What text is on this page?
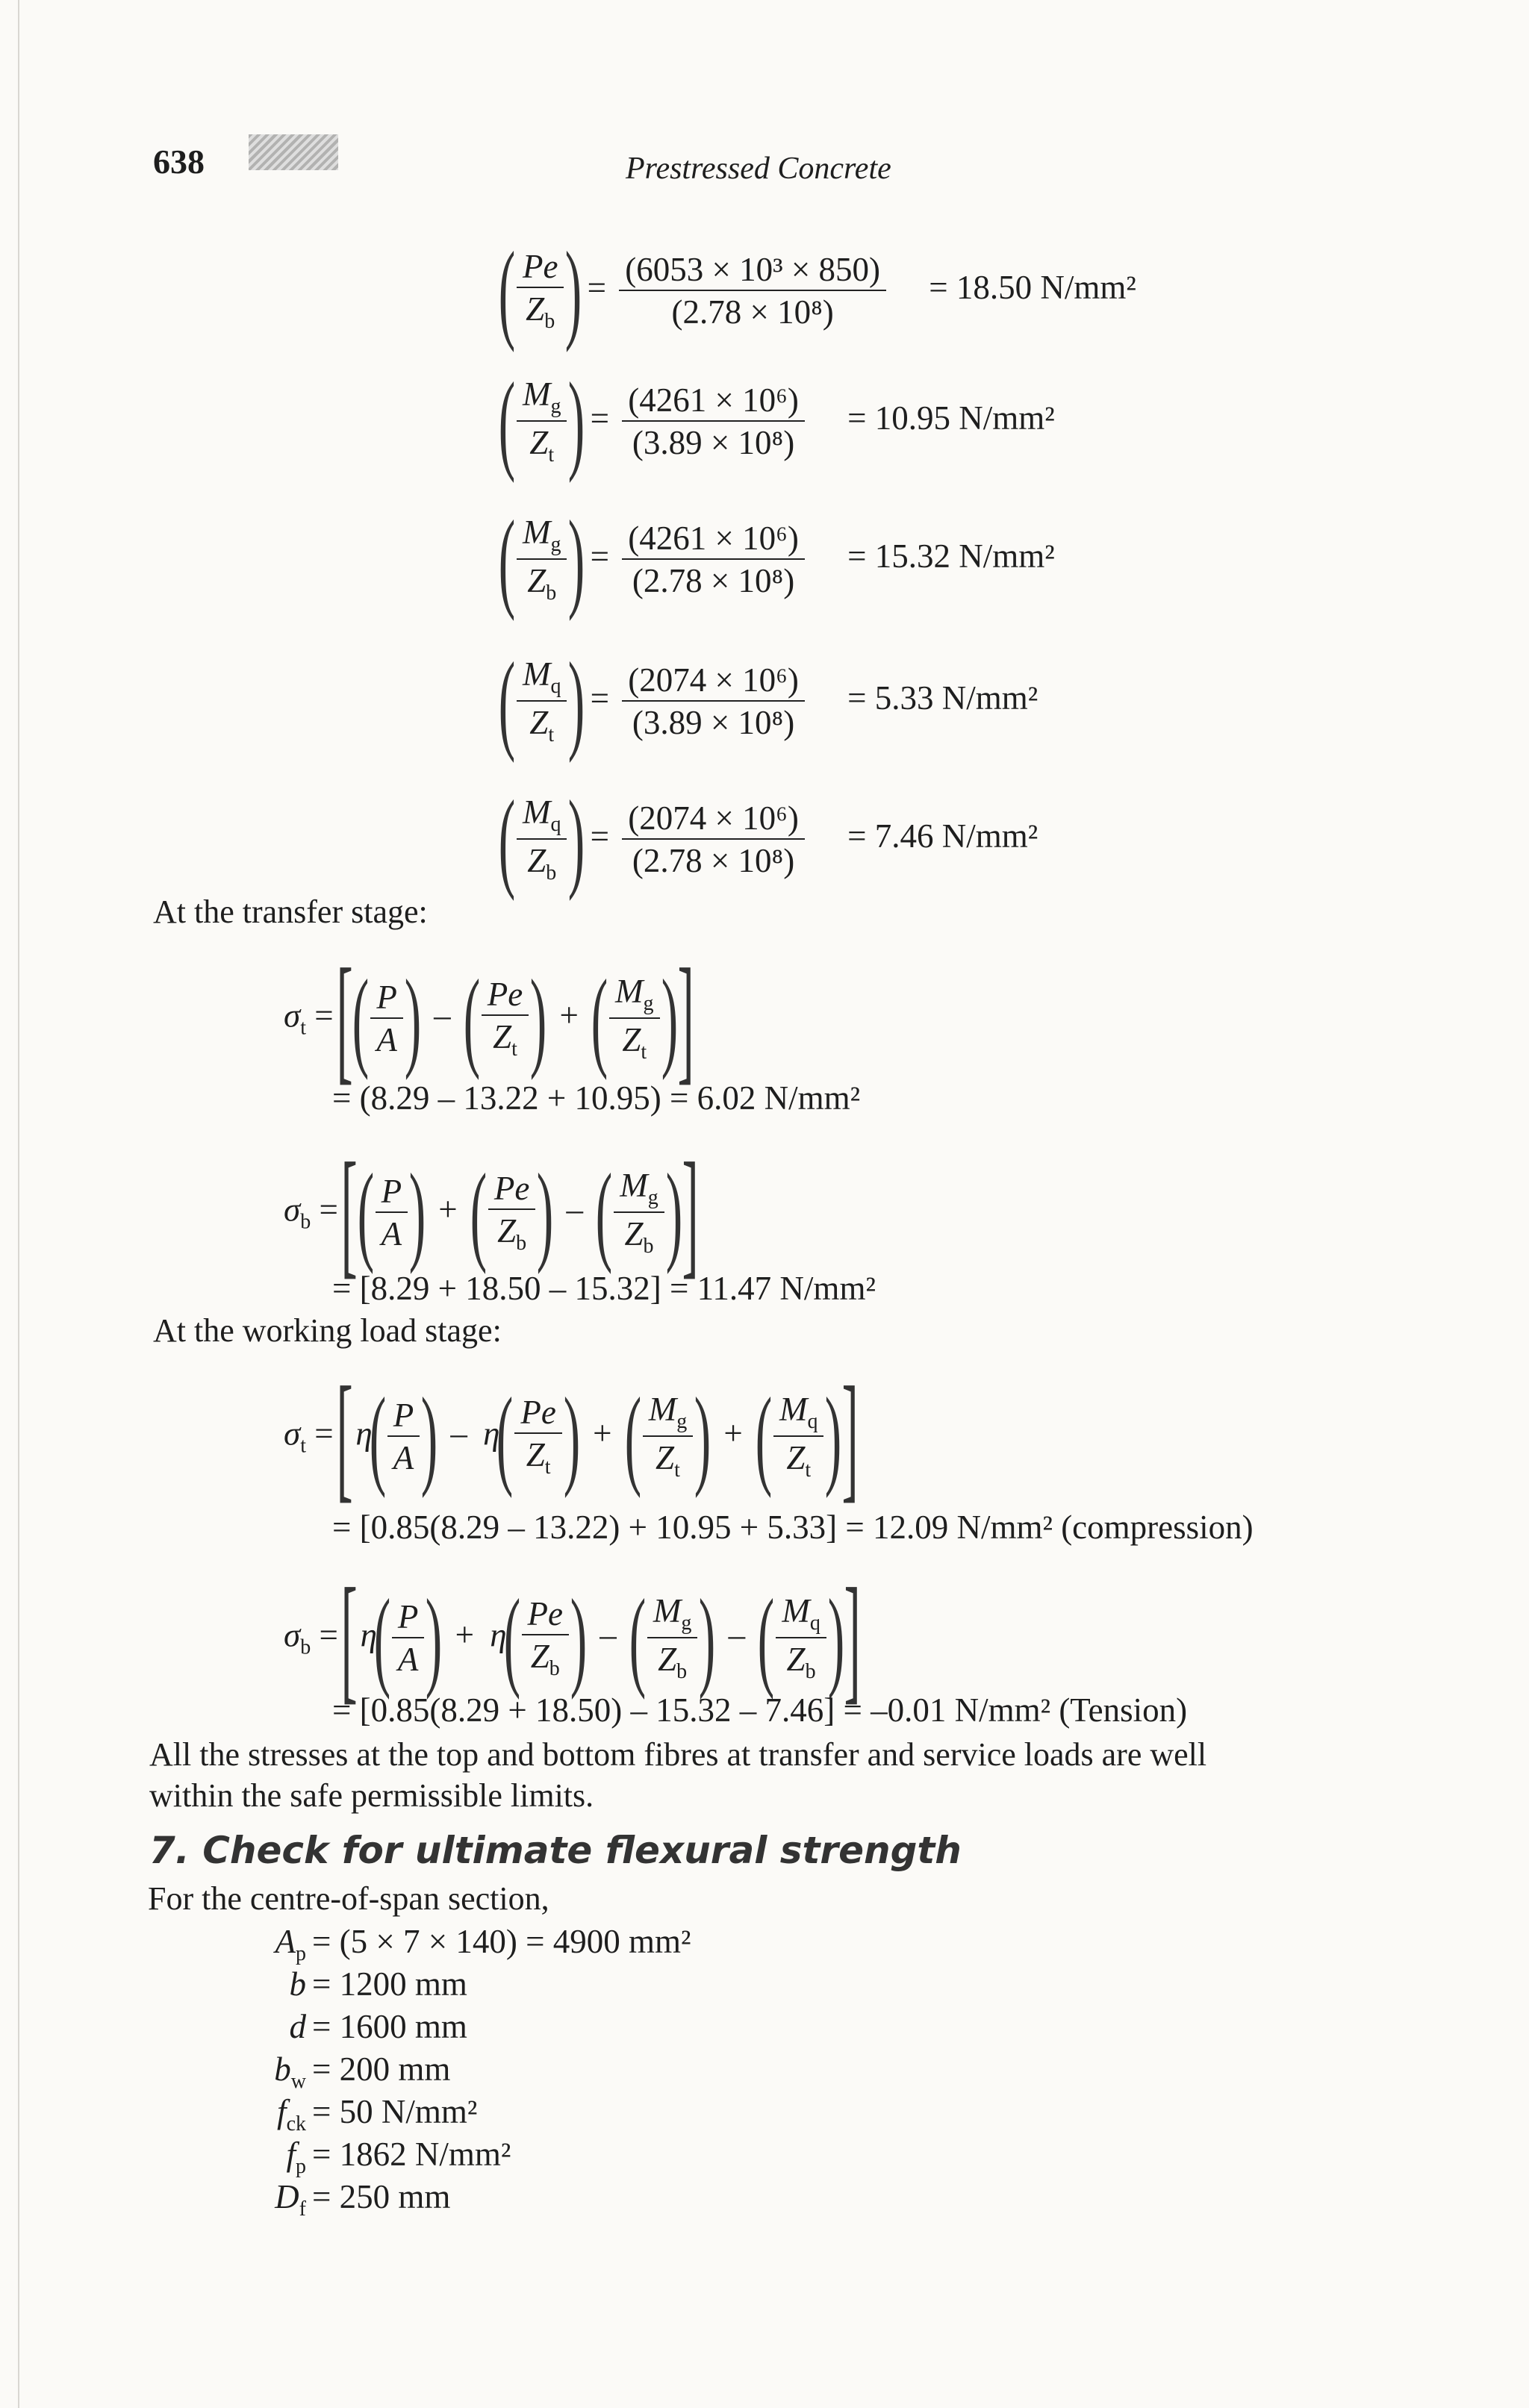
638	Prestressed Concrete
( $\frac{Pe}{Z_b}$ ) = $\frac{\text{(6053 × 10³ × 850)}}{\text{(2.78 × 10⁸)}} = 18.50$ N/mm²
( $\frac{M_g}{Z_t}$ ) = $\frac{\text{(4261 × 10⁶)}}{\text{(3.89 × 10⁸)}} = 10.95$ N/mm²
( $\frac{M_g}{Z_b}$ ) = $\frac{\text{(4261 × 10⁶)}}{\text{(2.78 × 10⁸)}} = 15.32$ N/mm²
( $\frac{M_q}{Z_t}$ ) = $\frac{\text{(2074 × 10⁶)}}{\text{(3.89 × 10⁸)}} = 5.33$ N/mm²
( $\frac{M_q}{Z_b}$ ) = $\frac{\text{(2074 × 10⁶)}}{\text{(2.78 × 10⁸)}} = 7.46$ N/mm²
At the transfer stage:
$\sigma_t$ = [ ( $\frac{P}{A}$ ) – ( $\frac{Pe}{Z_t}$ ) + ( $\frac{M_g}{Z_t}$ ) ]
= (8.29 – 13.22 + 10.95) = 6.02 N/mm²
$\sigma_b$ = [ ( $\frac{P}{A}$ ) + ( $\frac{Pe}{Z_b}$ ) – ( $\frac{M_g}{Z_b}$ ) ]
= [8.29 + 18.50 – 15.32] = 11.47 N/mm²
At the working load stage:
$\sigma_t$ = [ $\eta( \frac{P}{A}$ ) – $\eta( \frac{Pe}{Z_t}$ ) + ( $\frac{M_g}{Z_t}$ ) + ( $\frac{M_q}{Z_t}$ ) ]
= [0.85(8.29 – 13.22) + 10.95 + 5.33] = 12.09 N/mm² (compression)
$\sigma_b$ = [ $\eta( \frac{P}{A}$ ) + $\eta( \frac{Pe}{Z_b}$ ) – ( $\frac{M_g}{Z_b}$ ) – ( $\frac{M_q}{Z_b}$ ) ]
= [0.85(8.29 + 18.50) – 15.32 – 7.46] = –0.01 N/mm² (Tension)
All the stresses at the top and bottom fibres at transfer and service loads are well
within the safe permissible limits.
7. Check for ultimate flexural strength
For the centre-of-span section,
$A_p = (5 \times 7 \times 140) = 4900$ mm²
b = 1200 mm
d = 1600 mm
$b_w = 200$ mm
$f_{ck} = 50$ N/mm²
$f_p = 1862$ N/mm²
$D_f = 250$ mm
